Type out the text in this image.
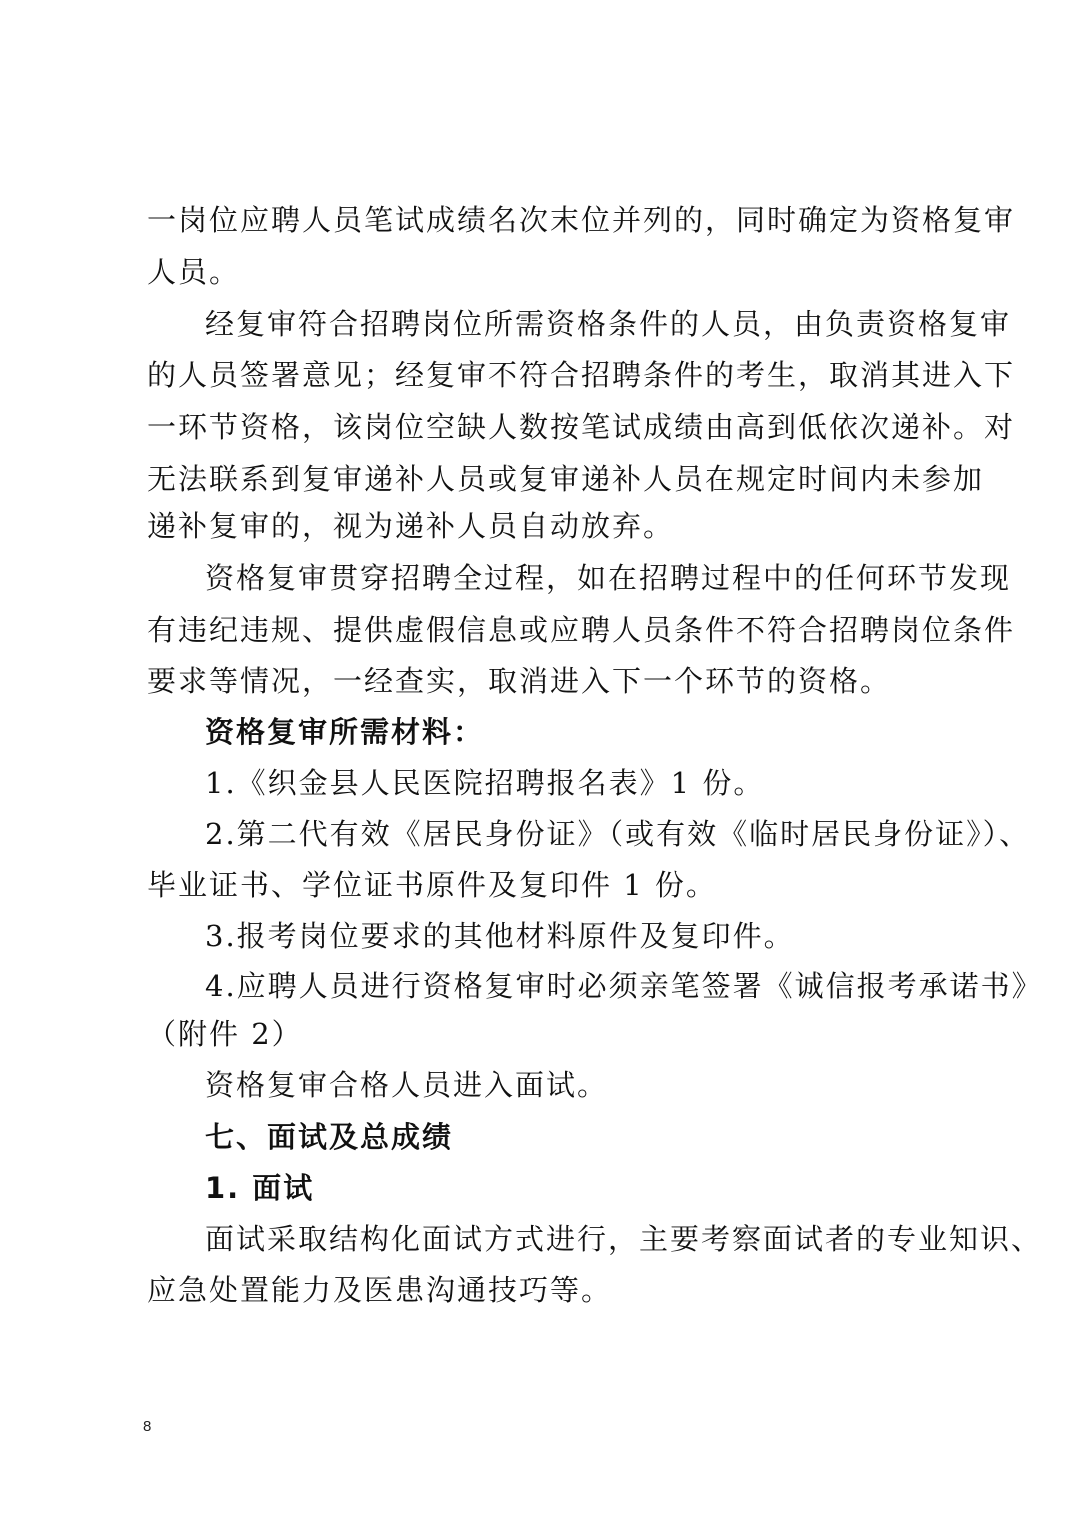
一岗位应聘人员笔试成绩名次末位并列的，同时确定为资格复审
人员。
经复审符合招聘岗位所需资格条件的人员，由负责资格复审
的人员签署意见；经复审不符合招聘条件的考生，取消其进入下
一环节资格，该岗位空缺人数按笔试成绩由高到低依次递补。对
无法联系到复审递补人员或复审递补人员在规定时间内未参加
递补复审的，视为递补人员自动放弃。
资格复审贯穿招聘全过程，如在招聘过程中的任何环节发现
有违纪违规、提供虚假信息或应聘人员条件不符合招聘岗位条件
要求等情况，一经查实，取消进入下一个环节的资格。
资格复审所需材料：
1.《织金县人民医院招聘报名表》1 份。
2.第二代有效《居民身份证》（或有效《临时居民身份证》）、
毕业证书、学位证书原件及复印件 1 份。
3.报考岗位要求的其他材料原件及复印件。
4.应聘人员进行资格复审时必须亲笔签署《诚信报考承诺书》
（附件 2）
资格复审合格人员进入面试。
七、面试及总成绩
1. 面试
面试采取结构化面试方式进行，主要考察面试者的专业知识、
应急处置能力及医患沟通技巧等。
8
